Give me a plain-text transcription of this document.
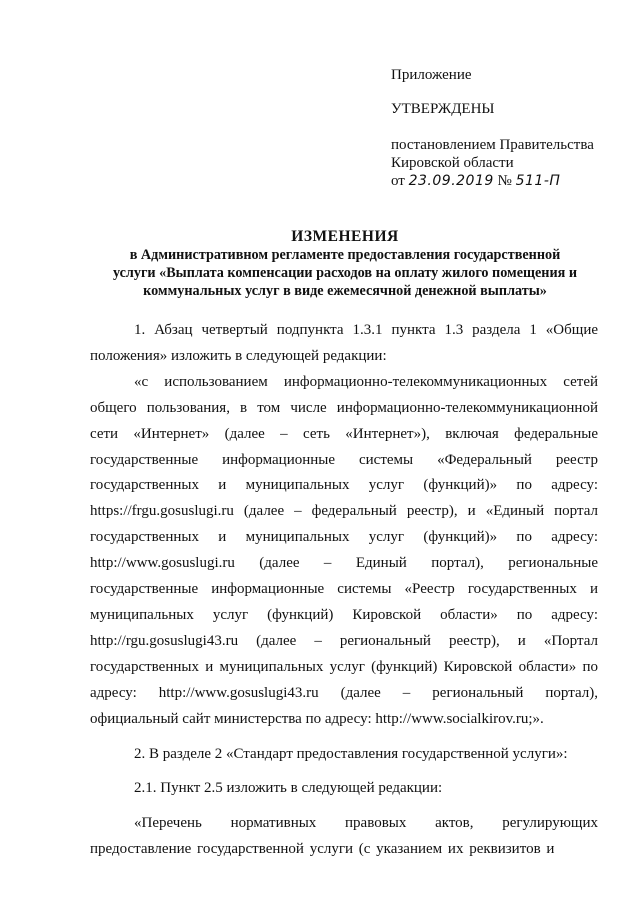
Приложение
УТВЕРЖДЕНЫ
постановлением Правительства
Кировской области
от 23.09.2019 № 511-П
ИЗМЕНЕНИЯ
в Административном регламенте предоставления государственной
услуги «Выплата компенсации расходов на оплату жилого помещения и
коммунальных услуг в виде ежемесячной денежной выплаты»

1. Абзац четвертый подпункта 1.3.1 пункта 1.3 раздела 1 «Общие положения» изложить в следующей редакции:

«с использованием информационно-телекоммуникационных сетей общего пользования, в том числе информационно-телекоммуникационной сети «Интернет» (далее – сеть «Интернет»), включая федеральные государственные информационные системы «Федеральный реестр государственных и муниципальных услуг (функций)» по адресу: https://frgu.gosuslugi.ru (далее – федеральный реестр), и «Единый портал государственных и муниципальных услуг (функций)» по адресу: http://www.gosuslugi.ru (далее – Единый портал), региональные государственные информационные системы «Реестр государственных и муниципальных услуг (функций) Кировской области» по адресу: http://rgu.gosuslugi43.ru (далее – региональный реестр), и «Портал государственных и муниципальных услуг (функций) Кировской области» по адресу: http://www.gosuslugi43.ru (далее – региональный портал), официальный сайт министерства по адресу: http://www.socialkirov.ru;».

2. В разделе 2 «Стандарт предоставления государственной услуги»:

2.1. Пункт 2.5 изложить в следующей редакции:

«Перечень нормативных правовых актов, регулирующих предоставление государственной услуги (с указанием их реквизитов и
